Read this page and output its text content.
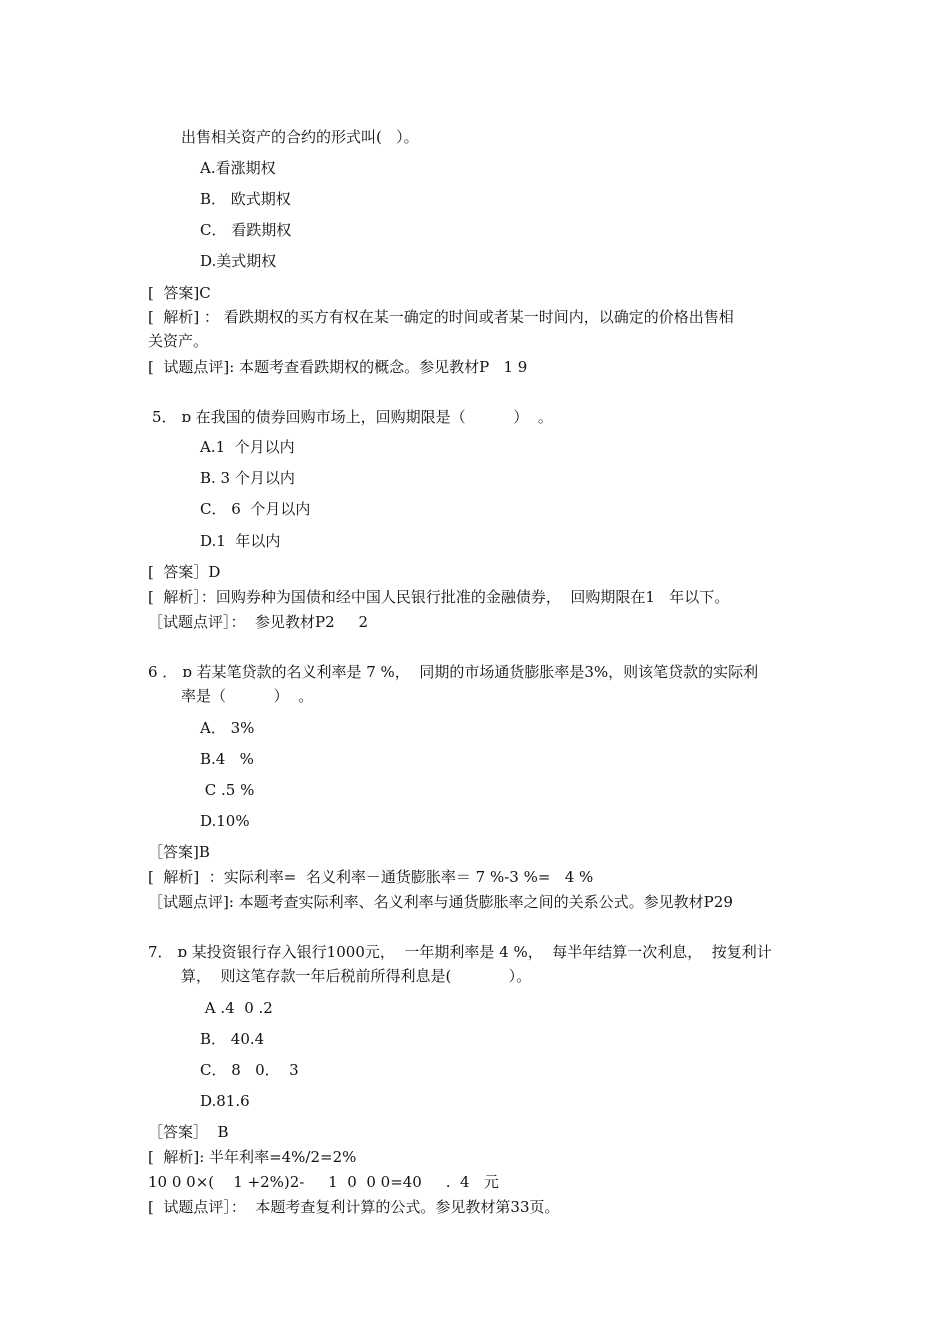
出售相关资产的合约的形式叫(   ）。
A.看涨期权
B． 欧式期权
C． 看跌期权
D.美式期权
[  答案]C
[  解析] ： 看跌期权的买方有权在某一确定的时间或者某一时间内，以确定的价格出售相
关资产。
[  试题点评]: 本题考查看跌期权的概念。参见教材P   1 9
5． ɒ 在我国的债券回购市场上，回购期限是（          ）  。
A.1  个月以内
B. 3 个月以内
C． 6  个月以内
D.1  年以内
[  答案］D
[  解析］：回购券种为国债和经中国人民银行批准的金融债券，  回购期限在1   年以下。
［试题点评］：  参见教材P2     2
6 ． ɒ 若某笔贷款的名义利率是 7 %，  同期的市场通货膨胀率是3%，则该笔贷款的实际利
率是（          ）  。
A． 3%
B.4   %
C .5 %
D.10%
［答案]B
[  解析]  ：实际利率=  名义利率－通货膨胀率＝ 7 %-3 %=   4 %
［试题点评]: 本题考查实际利率、名义利率与通货膨胀率之间的关系公式。参见教材P29
7． ɒ 某投资银行存入银行1000元，  一年期利率是 4 %，  每半年结算一次利息，  按复利计
算，  则这笔存款一年后税前所得利息是(            ）。
A .4  0 .2
B． 40.4
C． 8   0．  3
D.81.6
［答案］  B
[  解析]: 半年利率=4%/2=2%
10 0 0×(    1 +2%)2-     1  0  0 0=40     .  4   元
[  试题点评］：  本题考查复利计算的公式。参见教材第33页。
